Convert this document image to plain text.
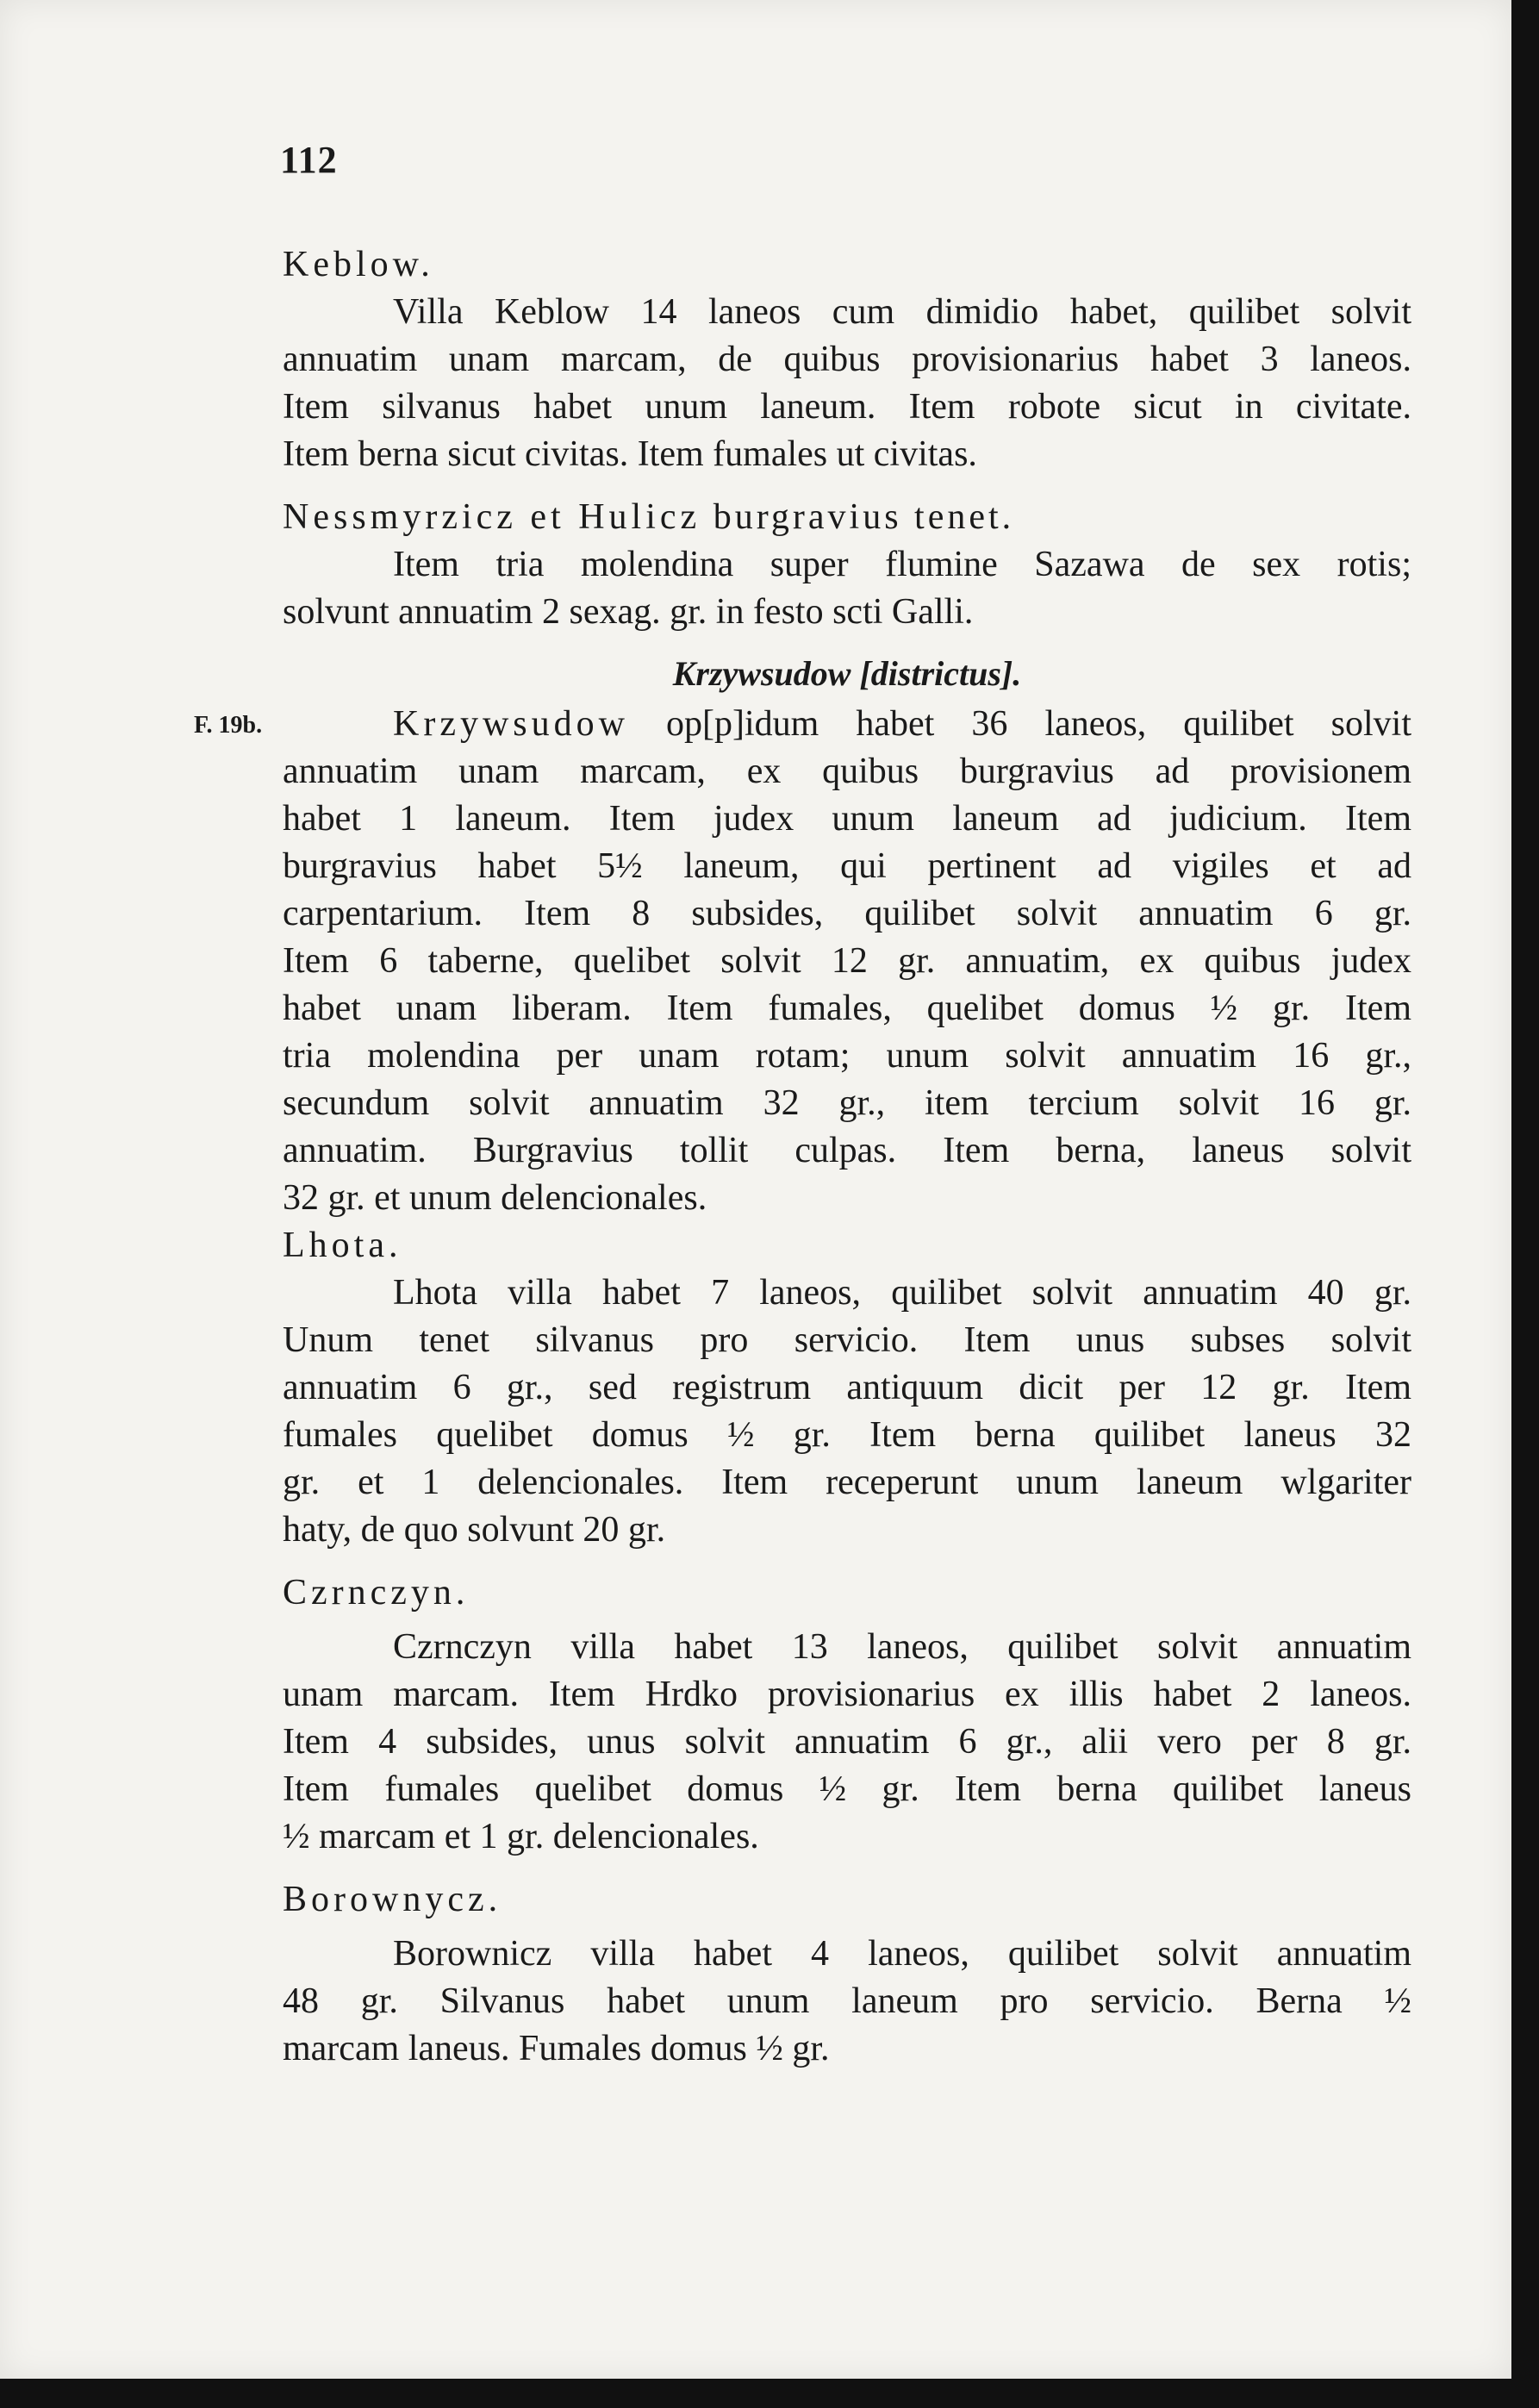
112
F. 19b.

Keblow.

Villa Keblow 14 laneos cum dimidio habet, quilibet solvit
annuatim unam marcam, de quibus provisionarius habet 3 laneos.
Item silvanus habet unum laneum. Item robote sicut in civitate.
Item berna sicut civitas. Item fumales ut civitas.

Nessmyrzicz et Hulicz burgravius tenet.

Item tria molendina super flumine Sazawa de sex rotis;
solvunt annuatim 2 sexag. gr. in festo scti Galli.
Krzywsudow [districtus].
Krzywsudow op[p]idum habet 36 laneos, quilibet solvit
annuatim unam marcam, ex quibus burgravius ad provisionem
habet 1 laneum. Item judex unum laneum ad judicium. Item
burgravius habet 5½ laneum, qui pertinent ad vigiles et ad
carpentarium. Item 8 subsides, quilibet solvit annuatim 6 gr.
Item 6 taberne, quelibet solvit 12 gr. annuatim, ex quibus judex
habet unam liberam. Item fumales, quelibet domus ½ gr. Item
tria molendina per unam rotam; unum solvit annuatim 16 gr.,
secundum solvit annuatim 32 gr., item tercium solvit 16 gr.
annuatim. Burgravius tollit culpas. Item berna, laneus solvit
32 gr. et unum delencionales.

Lhota.

Lhota villa habet 7 laneos, quilibet solvit annuatim 40 gr.
Unum tenet silvanus pro servicio. Item unus subses solvit
annuatim 6 gr., sed registrum antiquum dicit per 12 gr. Item
fumales quelibet domus ½ gr. Item berna quilibet laneus 32
gr. et 1 delencionales. Item receperunt unum laneum wlgariter
haty, de quo solvunt 20 gr.

Czrnczyn.

Czrnczyn villa habet 13 laneos, quilibet solvit annuatim
unam marcam. Item Hrdko provisionarius ex illis habet 2 laneos.
Item 4 subsides, unus solvit annuatim 6 gr., alii vero per 8 gr.
Item fumales quelibet domus ½ gr. Item berna quilibet laneus
½ marcam et 1 gr. delencionales.

Borownycz.

Borownicz villa habet 4 laneos, quilibet solvit annuatim
48 gr. Silvanus habet unum laneum pro servicio. Berna ½
marcam laneus. Fumales domus ½ gr.
